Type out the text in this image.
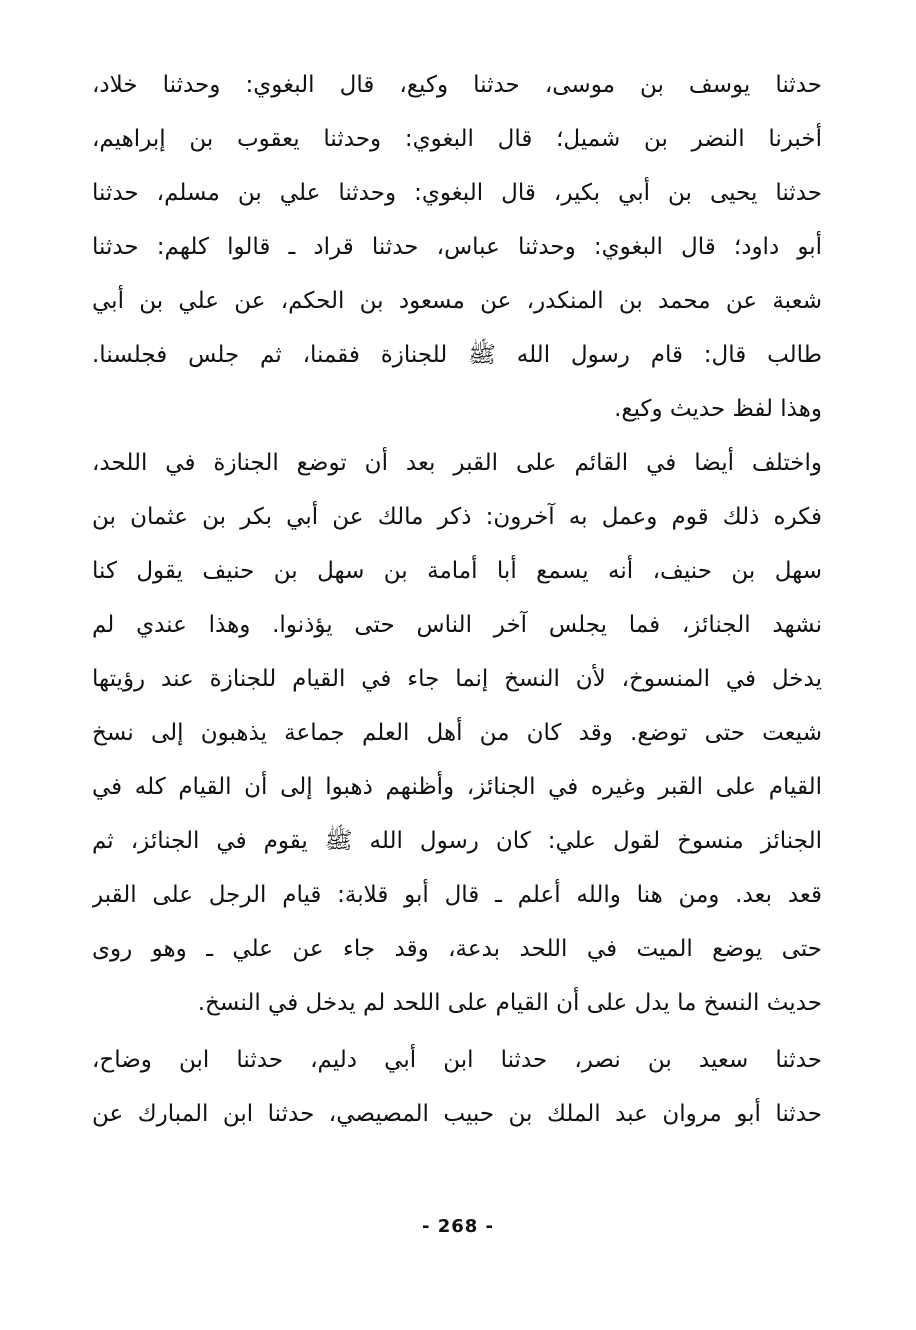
حدثنا يوسف بن موسى، حدثنا وكيع، قال البغوي: وحدثنا خلاد،
أخبرنا النضر بن شميل؛ قال البغوي: وحدثنا يعقوب بن إبراهيم،
حدثنا يحيى بن أبي بكير، قال البغوي: وحدثنا علي بن مسلم، حدثنا
أبو داود؛ قال البغوي: وحدثنا عباس، حدثنا قراد ـ قالوا كلهم: حدثنا
شعبة عن محمد بن المنكدر، عن مسعود بن الحكم، عن علي بن أبي
طالب قال: قام رسول الله ﷺ للجنازة فقمنا، ثم جلس فجلسنا.
وهذا لفظ حديث وكيع.
واختلف أيضا في القائم على القبر بعد أن توضع الجنازة في اللحد،
فكره ذلك قوم وعمل به آخرون: ذكر مالك عن أبي بكر بن عثمان بن
سهل بن حنيف، أنه يسمع أبا أمامة بن سهل بن حنيف يقول كنا
نشهد الجنائز، فما يجلس آخر الناس حتى يؤذنوا. وهذا عندي لم
يدخل في المنسوخ، لأن النسخ إنما جاء في القيام للجنازة عند رؤيتها
شيعت حتى توضع. وقد كان من أهل العلم جماعة يذهبون إلى نسخ
القيام على القبر وغيره في الجنائز، وأظنهم ذهبوا إلى أن القيام كله في
الجنائز منسوخ لقول علي: كان رسول الله ﷺ يقوم في الجنائز، ثم
قعد بعد. ومن هنا والله أعلم ـ قال أبو قلابة: قيام الرجل على القبر
حتى يوضع الميت في اللحد بدعة، وقد جاء عن علي ـ وهو روى
حديث النسخ ما يدل على أن القيام على اللحد لم يدخل في النسخ.
حدثنا سعيد بن نصر، حدثنا ابن أبي دليم، حدثنا ابن وضاح،
حدثنا أبو مروان عبد الملك بن حبيب المصيصي، حدثنا ابن المبارك عن
- 268 -
